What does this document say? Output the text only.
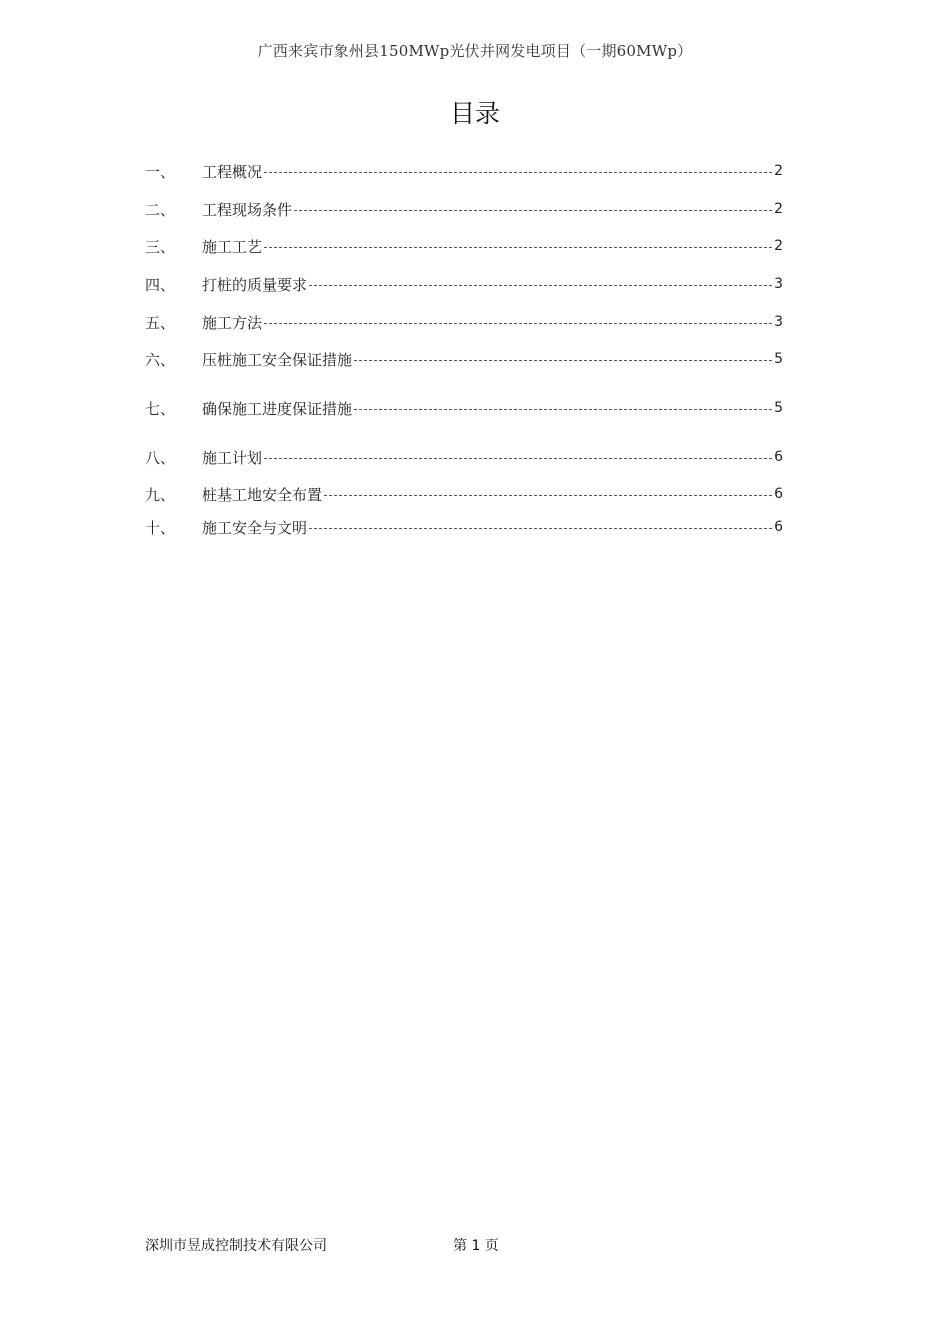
广西来宾市象州县150MWp光伏并网发电项目（一期60MWp）
目录
一、	工程概况	2
二、	工程现场条件	2
三、	施工工艺	2
四、	打桩的质量要求	3
五、	施工方法	3
六、	压桩施工安全保证措施	5
七、	确保施工进度保证措施	5
八、	施工计划	6
九、	桩基工地安全布置	6
十、	施工安全与文明	6
深圳市昱成控制技术有限公司	第 1 页
